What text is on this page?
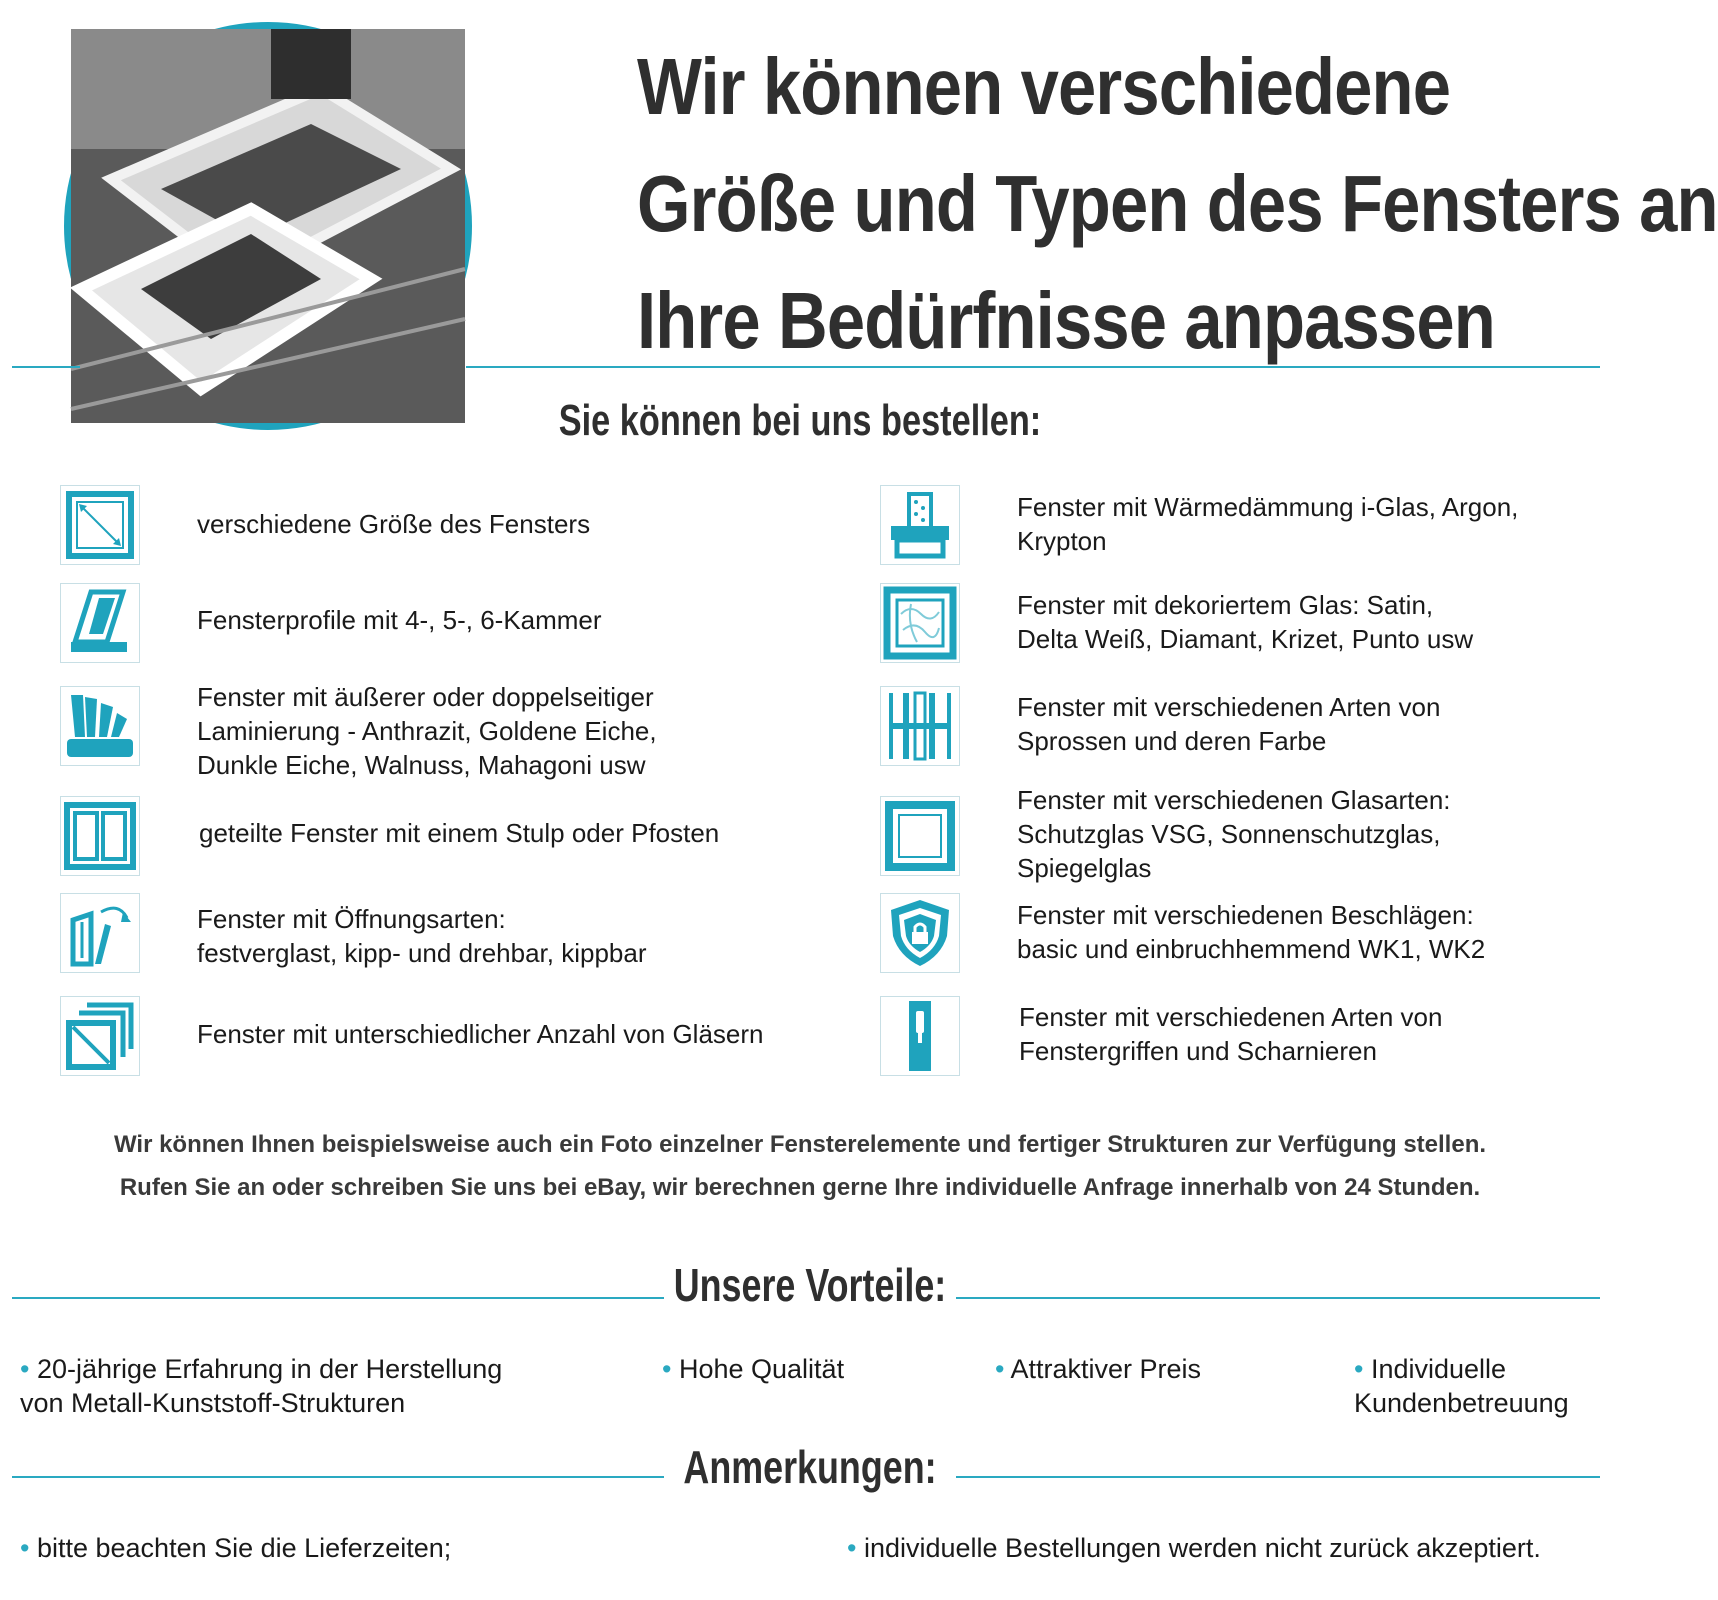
Wir können verschiedene
Größe und Typen des Fensters an
Ihre Bedürfnisse anpassen
Sie können bei uns bestellen:
verschiedene Größe des Fensters
Fensterprofile mit 4-, 5-, 6-Kammer
Fenster mit äußerer oder doppelseitiger
Laminierung - Anthrazit, Goldene Eiche,
Dunkle Eiche, Walnuss, Mahagoni usw
geteilte Fenster mit einem Stulp oder Pfosten
Fenster mit Öffnungsarten:
festverglast, kipp- und drehbar, kippbar
Fenster mit unterschiedlicher Anzahl von Gläsern
Fenster mit Wärmedämmung i-Glas, Argon,
Krypton
Fenster mit dekoriertem Glas: Satin,
Delta Weiß, Diamant, Krizet, Punto usw
Fenster mit verschiedenen Arten von
Sprossen und deren Farbe
Fenster mit verschiedenen Glasarten:
Schutzglas VSG, Sonnenschutzglas,
Spiegelglas
Fenster mit verschiedenen Beschlägen:
basic und einbruchhemmend WK1, WK2
Fenster mit verschiedenen Arten von
Fenstergriffen und Scharnieren
Wir können Ihnen beispielsweise auch ein Foto einzelner Fensterelemente und fertiger Strukturen zur Verfügung stellen.
Rufen Sie an oder schreiben Sie uns bei eBay, wir berechnen gerne Ihre individuelle Anfrage innerhalb von 24 Stunden.
Unsere Vorteile:
• 20-jährige Erfahrung in der Herstellung
von Metall-Kunststoff-Strukturen
• Hohe Qualität	• Attraktiver Preis	• Individuelle
Kundenbetreuung
Anmerkungen:
• bitte beachten Sie die Lieferzeiten;	• individuelle Bestellungen werden nicht zurück akzeptiert.
